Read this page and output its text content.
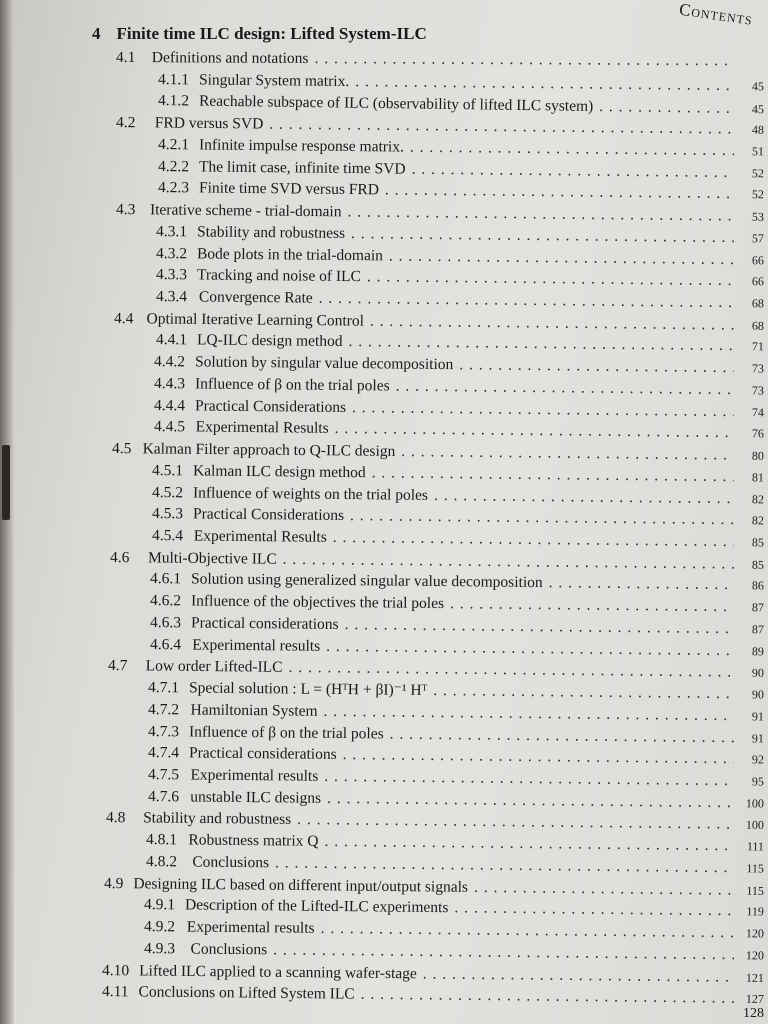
Contents
4 Finite time ILC design: Lifted System-ILC
4.1	Definitions and notations
. . .
4.1.1 Singular System matrix. . . .	45
4.1.2 Reachable subspace of ILC (observability of lifted ILC system) . . .	45
4.2	FRD versus SVD . . .	48
4.2.1 Infinite impulse response matrix. . . .	51
4.2.2 The limit case, infinite time SVD . . .	52
4.2.3 Finite time SVD versus FRD . . .	52
4.3 Iterative scheme - trial-domain . . .	53
4.3.1 Stability and robustness . . .	57
4.3.2 Bode plots in the trial-domain . . .	66
4.3.3 Tracking and noise of ILC . . .	66
4.3.4 Convergence Rate . . .	68
4.4 Optimal Iterative Learning Control . . .	68
4.4.1 LQ-ILC design method . . .	71
4.4.2 Solution by singular value decomposition . . .	73
4.4.3 Influence of β on the trial poles . . .	73
4.4.4 Practical Considerations . . .	74
4.4.5 Experimental Results . . .	76
4.5 Kalman Filter approach to Q-ILC design . . .	80
4.5.1 Kalman ILC design method . . .	81
4.5.2 Influence of weights on the trial poles . . .	82
4.5.3 Practical Considerations . . .	82
4.5.4 Experimental Results . . .	85
4.6	Multi-Objective ILC . . .	85
4.6.1 Solution using generalized singular value decomposition . . .	86
4.6.2 Influence of the objectives the trial poles . . .	87
4.6.3 Practical considerations . . .	87
4.6.4 Experimental results . . .	89
4.7	Low order Lifted-ILC . . .	90
4.7.1 Special solution : L = (HᵀH + βI)⁻¹ Hᵀ . . .	90
4.7.2 Hamiltonian System . . .	91
4.7.3 Influence of β on the trial poles . . .	91
4.7.4 Practical considerations . . .	92
4.7.5 Experimental results . . .	95
4.7.6 unstable ILC designs . . .	100
4.8	Stability and robustness . . .	100
4.8.1 Robustness matrix Q . . .	111
4.8.2 Conclusions . . .	115
4.9 Designing ILC based on different input/output signals . . .	115
4.9.1 Description of the Lifted-ILC experiments . . .	119
4.9.2 Experimental results . . .	120
4.9.3 Conclusions . . .	120
4.10 Lifted ILC applied to a scanning wafer-stage . . .	121
4.11 Conclusions on Lifted System ILC . . .	127
128
